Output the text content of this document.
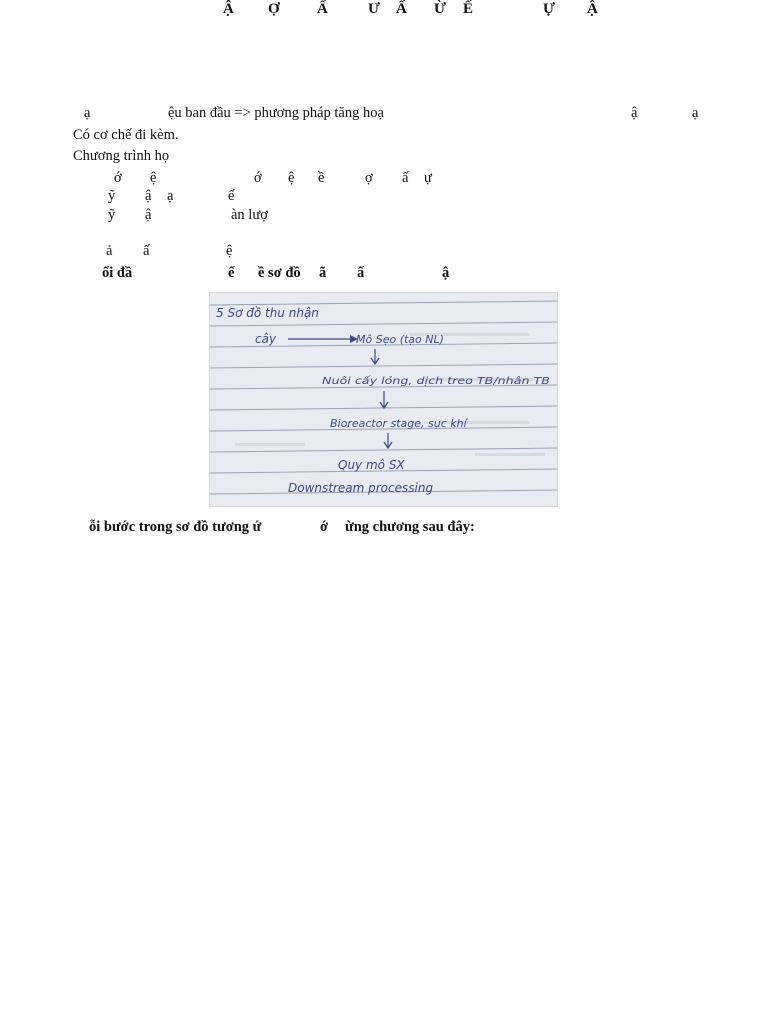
Ậ Ợ Ấ	Ư Ấ Ừ Ế	Ự Ậ
ạ	ệu ban đầu => phương pháp tăng hoạ	ậ	ạ
Có cơ chế đi kèm.
Chương trình họ
ớ ệ	ớ ệ ề	ợ ấ ự
ỹ ậ ạ	ế
ỹ ậ	àn lượ
ả ấ	ệ
ổi đầ	ể ề sơ đồ ã ấ	ậ
5 Sơ đồ thu nhận
cây	Mô Sẹo (tạo NL)
Nuôi cấy lỏng, dịch treo TB/nhân TB
Bioreactor stage, sục khí
Quy mô SX
Downstream processing
ỗi bước trong sơ đồ tương ứ	ớ ừng chương sau đây:
